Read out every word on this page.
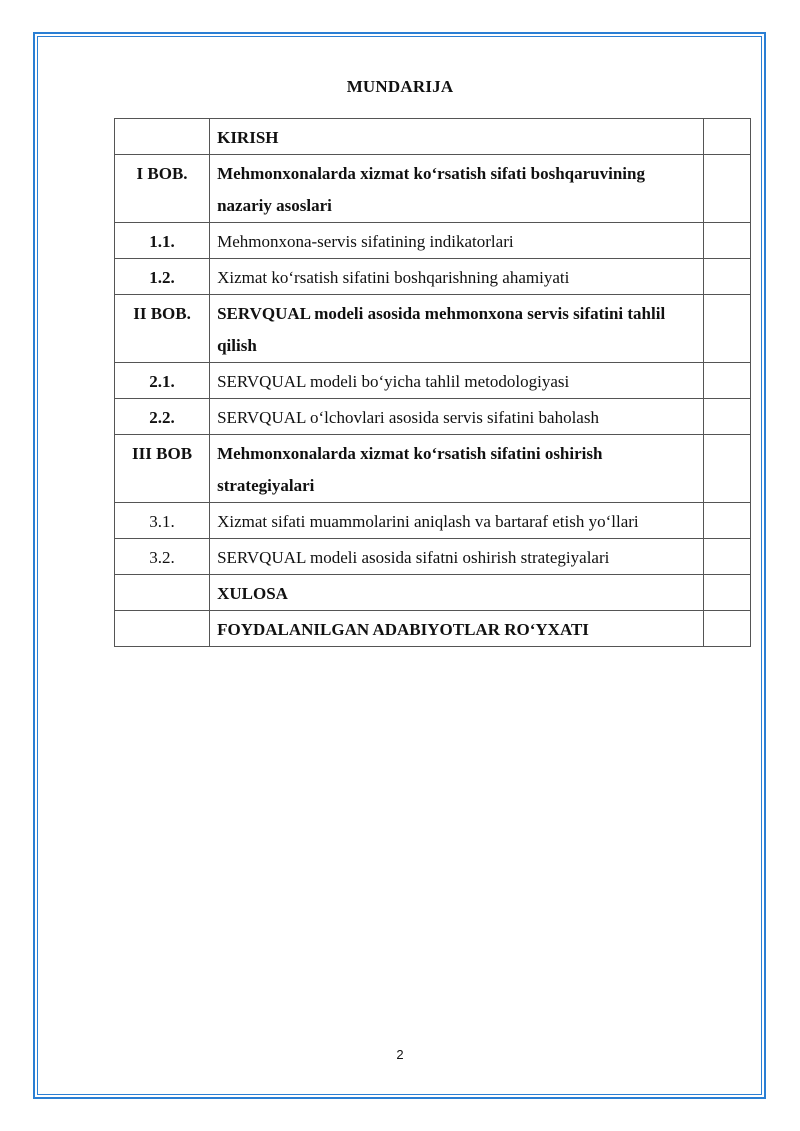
MUNDARIJA

	KIRISH	

I BOB.	Mehmonxonalarda xizmat ko‘rsatish sifati boshqaruvining nazariy asoslari	

1.1.	Mehmonxona-servis sifatining indikatorlari	

1.2.	Xizmat ko‘rsatish sifatini boshqarishning ahamiyati	

II BOB.	SERVQUAL modeli asosida mehmonxona servis sifatini tahlil qilish	

2.1.	SERVQUAL modeli bo‘yicha tahlil metodologiyasi	

2.2.	SERVQUAL o‘lchovlari asosida servis sifatini baholash	

III BOB	Mehmonxonalarda xizmat ko‘rsatish sifatini oshirish strategiyalari	

3.1.	Xizmat sifati muammolarini aniqlash va bartaraf etish yo‘llari	

3.2.	SERVQUAL modeli asosida sifatni oshirish strategiyalari	

	XULOSA	

	FOYDALANILGAN ADABIYOTLAR RO‘YXATI	

2
